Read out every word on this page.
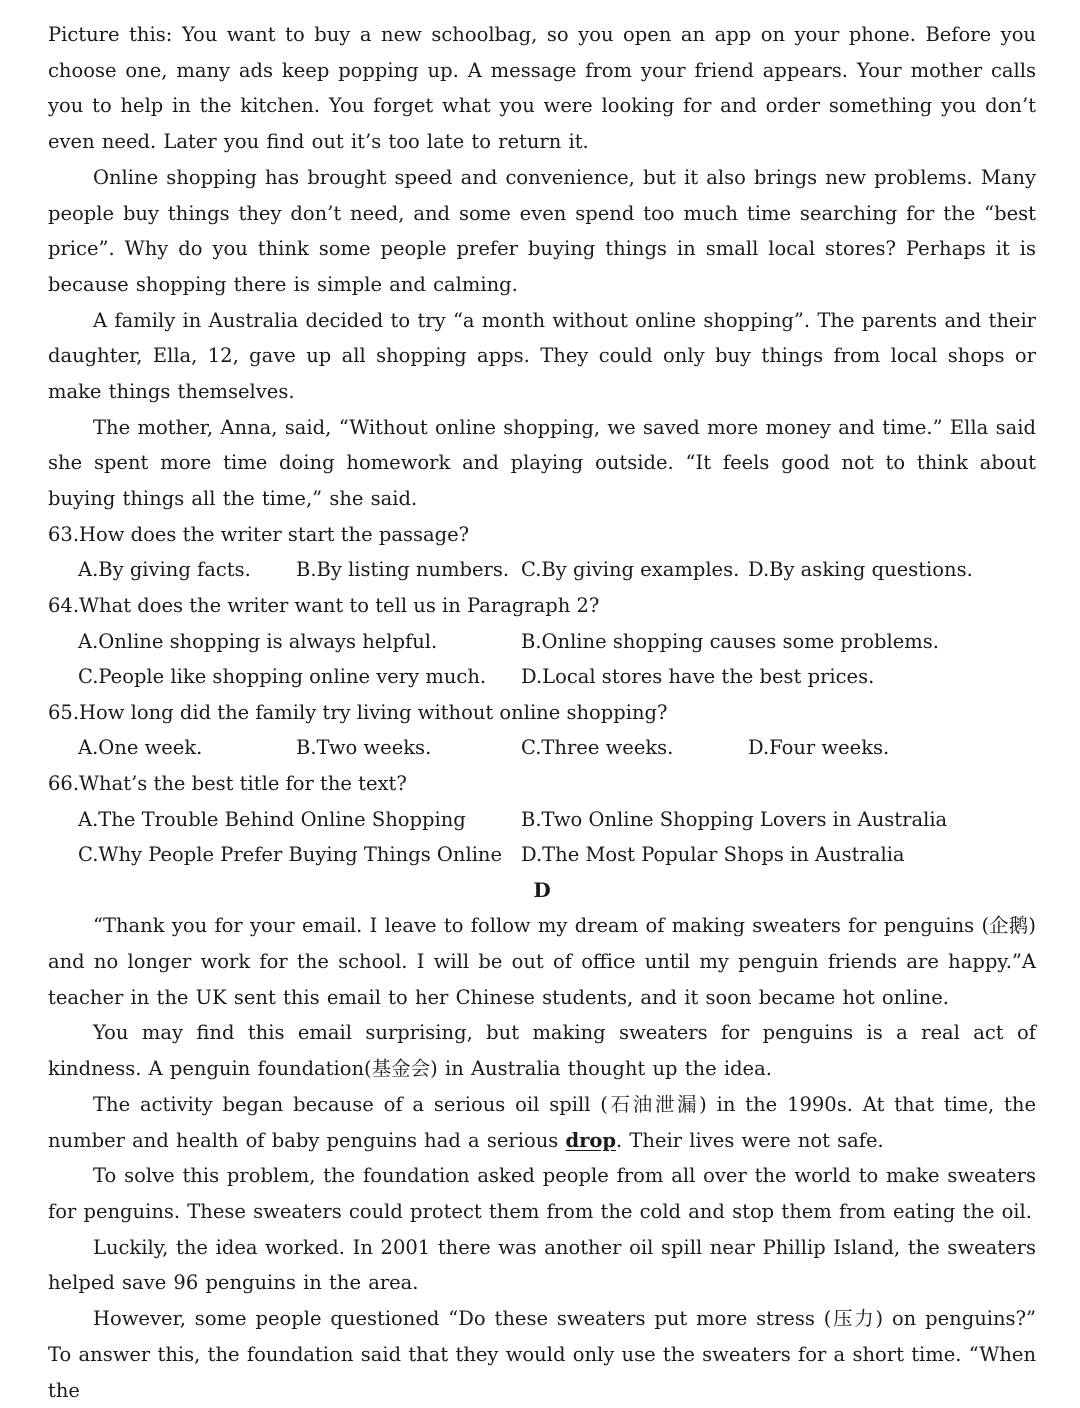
Picture this: You want to buy a new schoolbag, so you open an app on your phone. Before you choose one, many ads keep popping up. A message from your friend appears. Your mother calls you to help in the kitchen. You forget what you were looking for and order something you don’t even need. Later you find out it’s too late to return it.

Online shopping has brought speed and convenience, but it also brings new problems. Many people buy things they don’t need, and some even spend too much time searching for the “best price”. Why do you think some people prefer buying things in small local stores? Perhaps it is because shopping there is simple and calming.

A family in Australia decided to try “a month without online shopping”. The parents and their daughter, Ella, 12, gave up all shopping apps. They could only buy things from local shops or make things themselves.

The mother, Anna, said, “Without online shopping, we saved more money and time.” Ella said she spent more time doing homework and playing outside. “It feels good not to think about buying things all the time,” she said.

63.How does the writer start the passage?

A.By giving facts.	B.By listing numbers. C.By giving examples. D.By asking questions.

64.What does the writer want to tell us in Paragraph 2?

A.Online shopping is always helpful.	B.Online shopping causes some problems.
C.People like shopping online very much.	D.Local stores have the best prices.

65.How long did the family try living without online shopping?

A.One week.	B.Two weeks.	C.Three weeks.	D.Four weeks.

66.What’s the best title for the text?

A.The Trouble Behind Online Shopping	B.Two Online Shopping Lovers in Australia
C.Why People Prefer Buying Things Online D.The Most Popular Shops in Australia
D

“Thank you for your email. I leave to follow my dream of making sweaters for penguins (企鹅) and no longer work for the school. I will be out of office until my penguin friends are happy.”A teacher in the UK sent this email to her Chinese students, and it soon became hot online.

You may find this email surprising, but making sweaters for penguins is a real act of kindness. A penguin foundation(基金会) in Australia thought up the idea.

The activity began because of a serious oil spill (石油泄漏) in the 1990s. At that time, the number and health of baby penguins had a serious drop. Their lives were not safe.

To solve this problem, the foundation asked people from all over the world to make sweaters for penguins. These sweaters could protect them from the cold and stop them from eating the oil.

Luckily, the idea worked. In 2001 there was another oil spill near Phillip Island, the sweaters helped save 96 penguins in the area.

However, some people questioned “Do these sweaters put more stress (压力) on penguins?” To answer this, the foundation said that they would only use the sweaters for a short time. “When the
